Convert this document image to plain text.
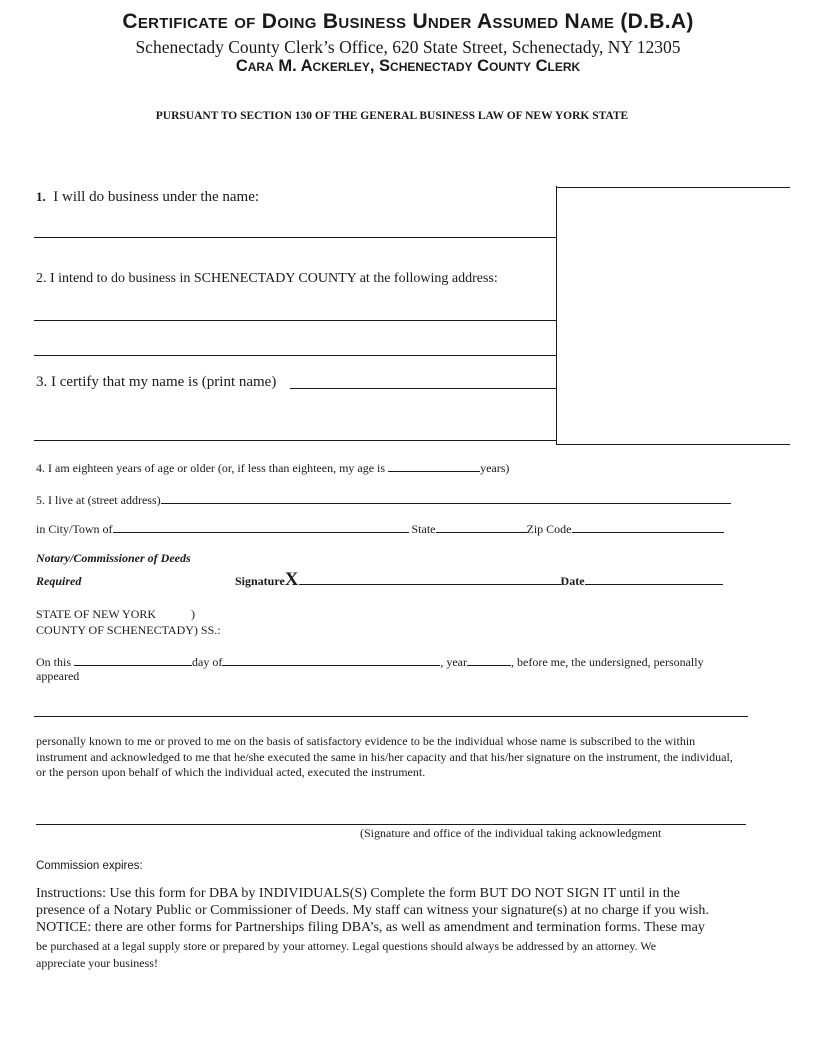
Certificate of Doing Business Under Assumed Name (D.B.A)
Schenectady County Clerk’s Office, 620 State Street, Schenectady, NY 12305
Cara M. Ackerley, Schenectady County Clerk
PURSUANT TO SECTION 130 OF THE GENERAL BUSINESS LAW OF NEW YORK STATE
1. I will do business under the name:
2. I intend to do business in SCHENECTADY COUNTY at the following address:
3. I certify that my name is (print name)
4. I am eighteen years of age or older (or, if less than eighteen, my age is	years)
5. I live at (street address)
in City/Town of	State	Zip Code
Notary/Commissioner of Deeds
Required	SignatureX	Date
STATE OF NEW YORK	)
COUNTY OF SCHENECTADY) SS.:
On this	day of	, year	, before me, the undersigned, personally
appeared
personally known to me or proved to me on the basis of satisfactory evidence to be the individual whose name is subscribed to the within instrument and acknowledged to me that he/she executed the same in his/her capacity and that his/her signature on the instrument, the individual, or the person upon behalf of which the individual acted, executed the instrument.
(Signature and office of the individual taking acknowledgment
Commission expires:
Instructions: Use this form for DBA by INDIVIDUALS(S) Complete the form BUT DO NOT SIGN IT until in the
presence of a Notary Public or Commissioner of Deeds. My staff can witness your signature(s) at no charge if you wish.
NOTICE: there are other forms for Partnerships filing DBA’s, as well as amendment and termination forms. These may
be purchased at a legal supply store or prepared by your attorney. Legal questions should always be addressed by an attorney. We
appreciate your business!
